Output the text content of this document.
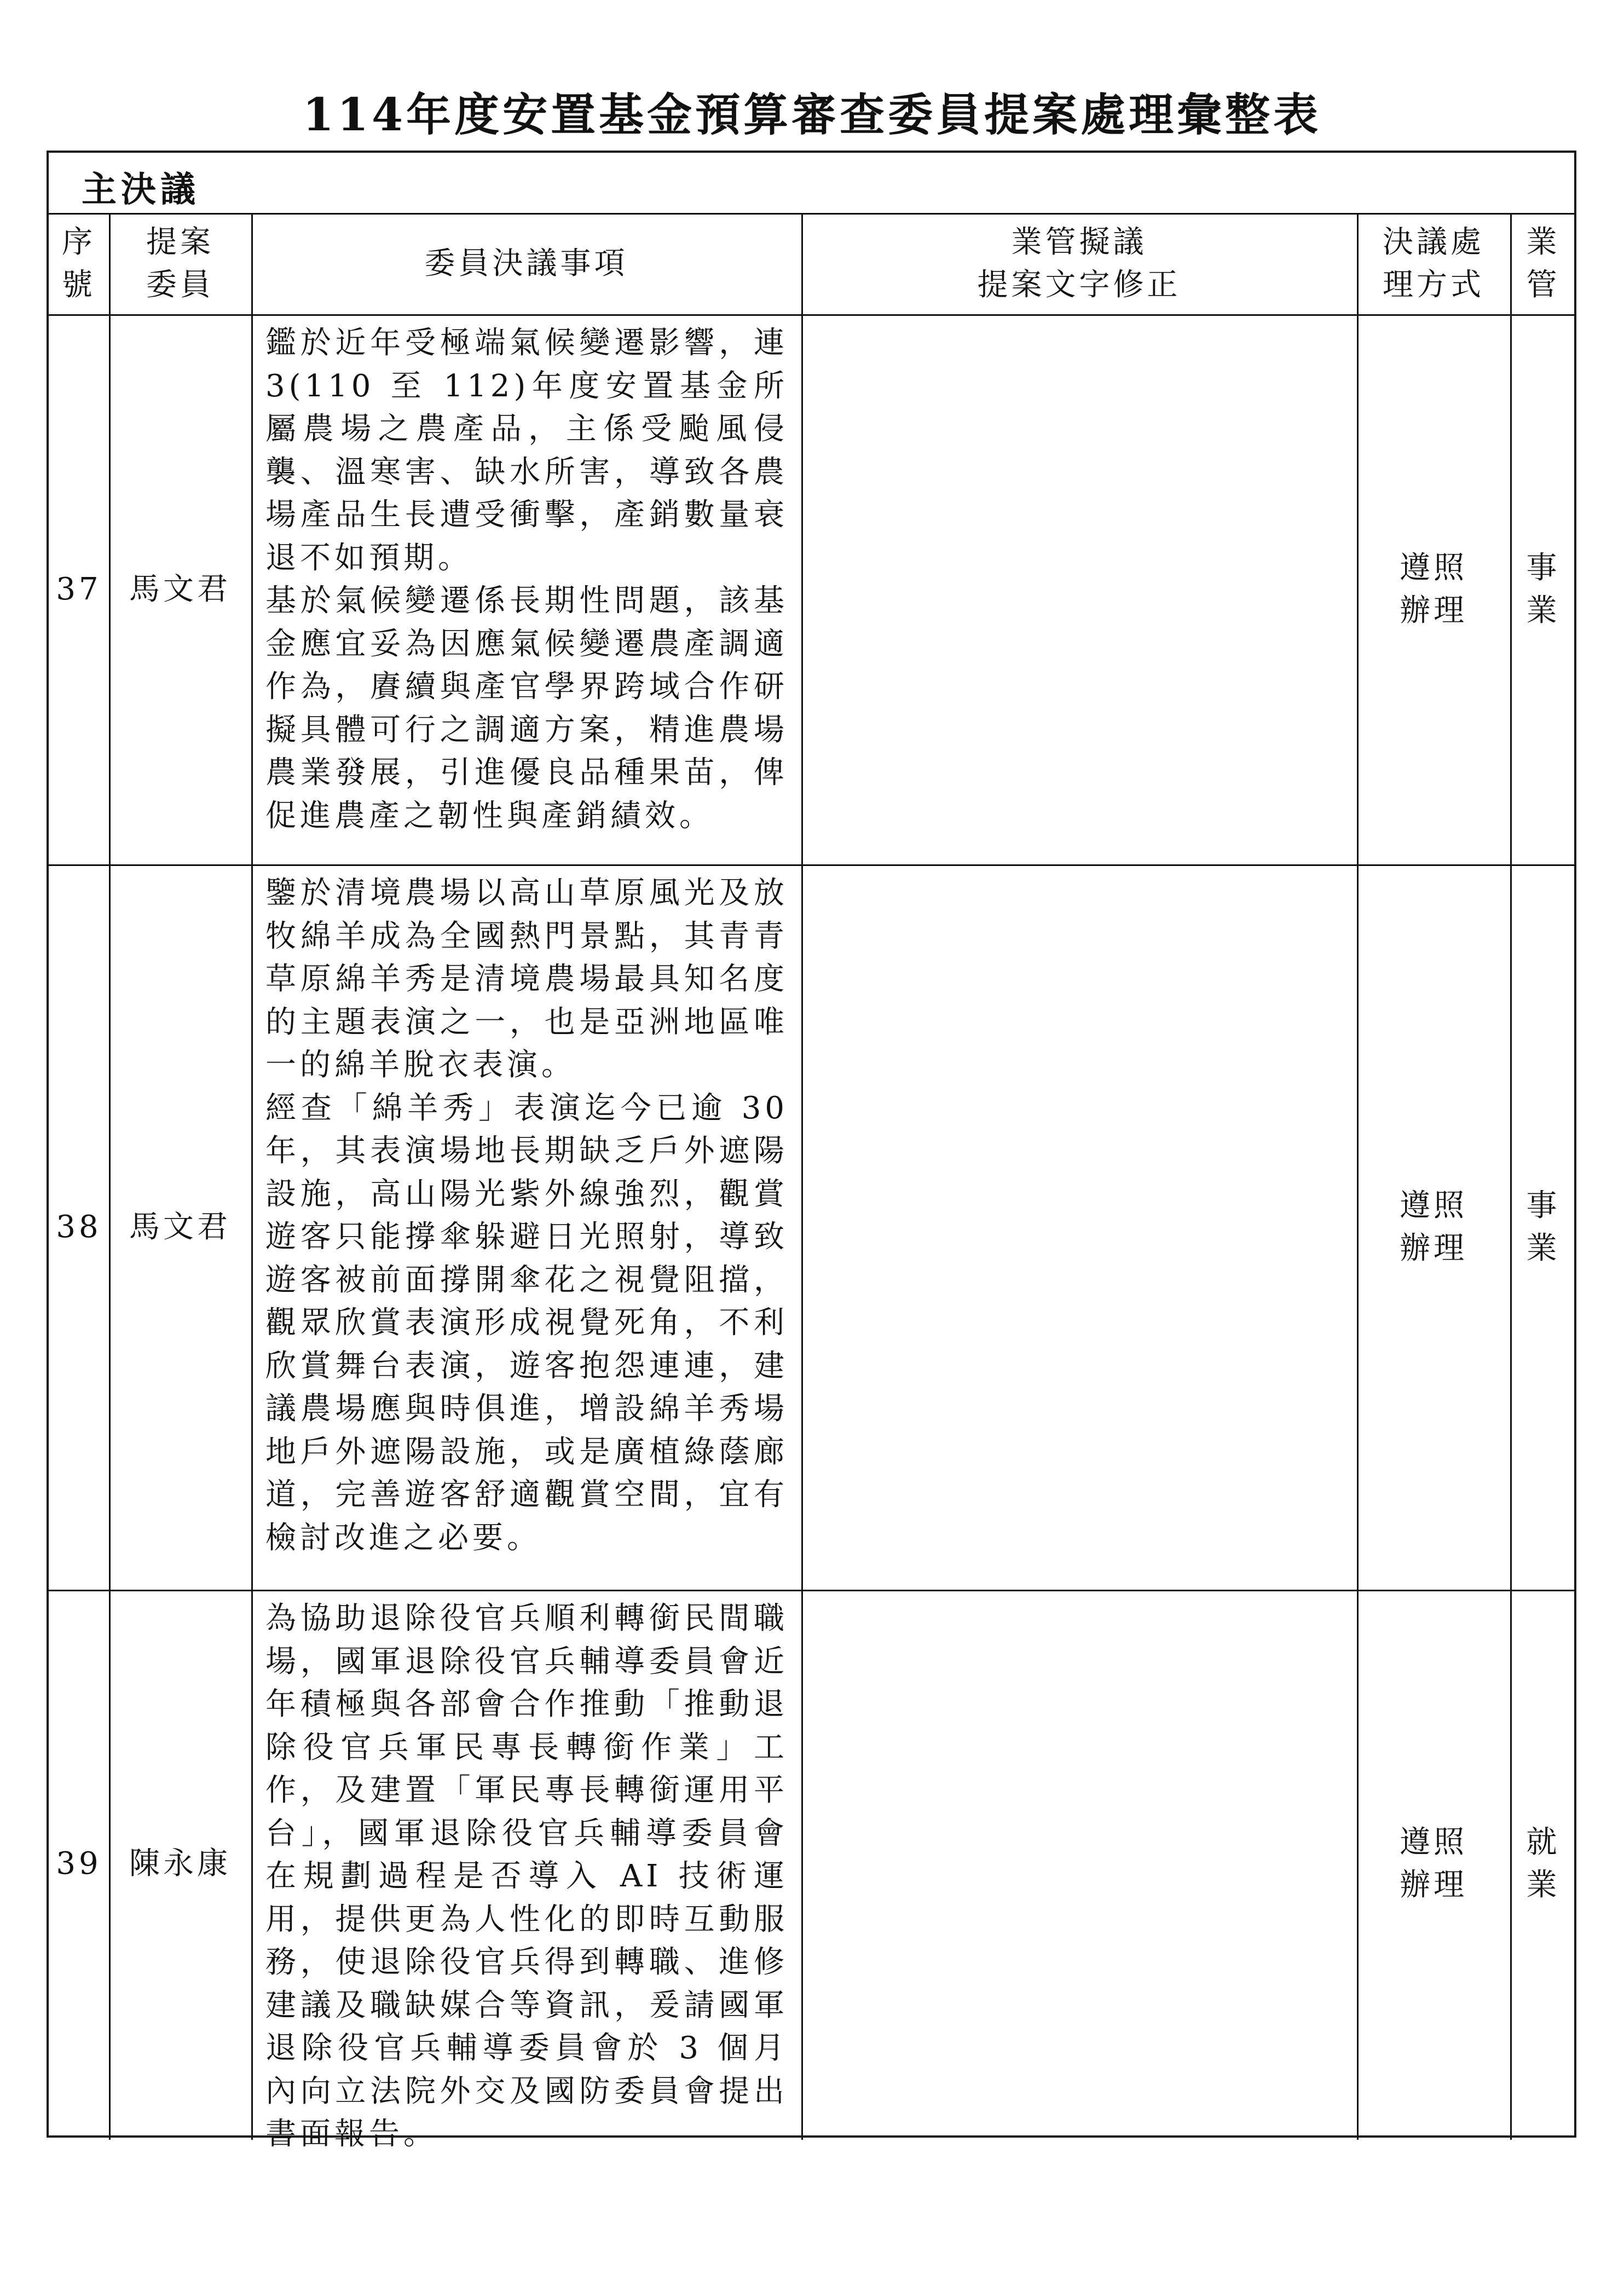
114年度安置基金預算審查委員提案處理彙整表
主決議
序
號
提案
委員
委員決議事項
業管擬議
提案文字修正
決議處
理方式
業
管
37 馬文君

鑑於近年受極端氣候變遷影響，連3(110 至 112)年度安置基金所屬農場之農產品，主係受颱風侵襲、溫寒害、缺水所害，導致各農場產品生長遭受衝擊，產銷數量衰退不如預期。

基於氣候變遷係長期性問題，該基金應宜妥為因應氣候變遷農產調適作為，賡續與產官學界跨域合作研擬具體可行之調適方案，精進農場農業發展，引進優良品種果苗，俾促進農產之韌性與產銷績效。

遵照
辦理
事
業
38 馬文君

鑒於清境農場以高山草原風光及放牧綿羊成為全國熱門景點，其青青草原綿羊秀是清境農場最具知名度的主題表演之一，也是亞洲地區唯一的綿羊脫衣表演。

經查「綿羊秀」表演迄今已逾 30 年，其表演場地長期缺乏戶外遮陽設施，高山陽光紫外線強烈，觀賞遊客只能撐傘躲避日光照射，導致遊客被前面撐開傘花之視覺阻擋，觀眾欣賞表演形成視覺死角，不利欣賞舞台表演，遊客抱怨連連，建議農場應與時俱進，增設綿羊秀場地戶外遮陽設施，或是廣植綠蔭廊道，完善遊客舒適觀賞空間，宜有檢討改進之必要。

遵照
辦理
事
業
39 陳永康

為協助退除役官兵順利轉銜民間職場，國軍退除役官兵輔導委員會近年積極與各部會合作推動「推動退除役官兵軍民專長轉銜作業」工作，及建置「軍民專長轉銜運用平台」，國軍退除役官兵輔導委員會在規劃過程是否導入 AI 技術運用，提供更為人性化的即時互動服務，使退除役官兵得到轉職、進修建議及職缺媒合等資訊，爰請國軍退除役官兵輔導委員會於 3 個月內向立法院外交及國防委員會提出書面報告。

遵照
辦理
就
業
